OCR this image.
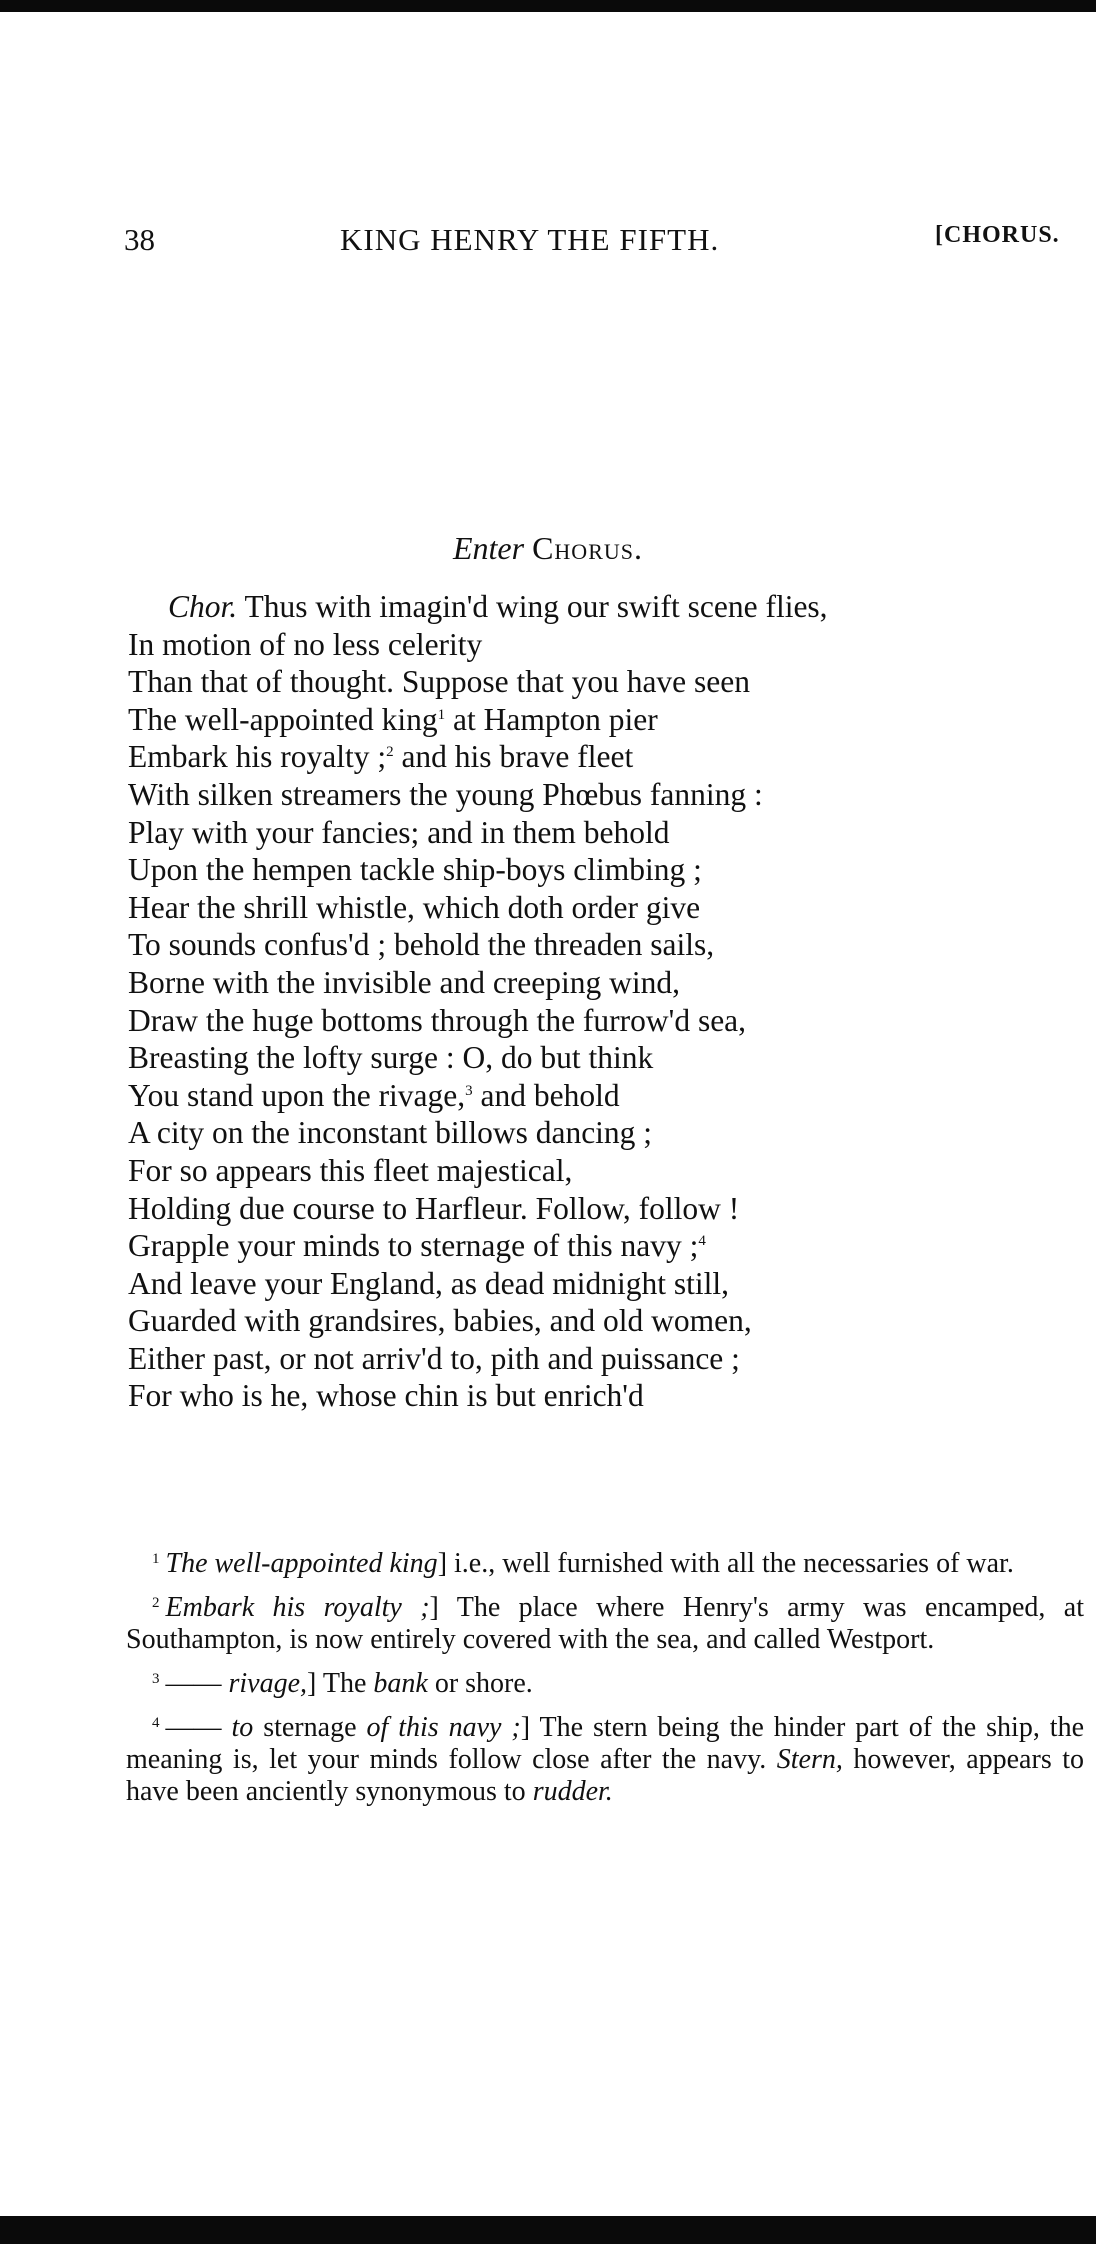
38	KING HENRY THE FIFTH.	[CHORUS.
Enter Chorus.
Chor. Thus with imagin'd wing our swift scene flies,
In motion of no less celerity
Than that of thought. Suppose that you have seen
The well-appointed king$^1$ at Hampton pier
Embark his royalty ;$^2$ and his brave fleet
With silken streamers the young Phœbus fanning :
Play with your fancies; and in them behold
Upon the hempen tackle ship-boys climbing ;
Hear the shrill whistle, which doth order give
To sounds confus'd ; behold the threaden sails,
Borne with the invisible and creeping wind,
Draw the huge bottoms through the furrow'd sea,
Breasting the lofty surge : O, do but think
You stand upon the rivage,$^3$ and behold
A city on the inconstant billows dancing ;
For so appears this fleet majestical,
Holding due course to Harfleur. Follow, follow !
Grapple your minds to sternage of this navy ;$^4$
And leave your England, as dead midnight still,
Guarded with grandsires, babies, and old women,
Either past, or not arriv'd to, pith and puissance ;
For who is he, whose chin is but enrich'd
$^1$ The well-appointed king] i.e., well furnished with all the necessaries of war.
$^2$ Embark his royalty ;] The place where Henry's army was encamped, at Southampton, is now entirely covered with the sea, and called Westport.
$^3$ —— rivage,] The bank or shore.
$^4$ —— to sternage of this navy ;] The stern being the hinder part of the ship, the meaning is, let your minds follow close after the navy. Stern, however, appears to have been anciently synonymous to rudder.
